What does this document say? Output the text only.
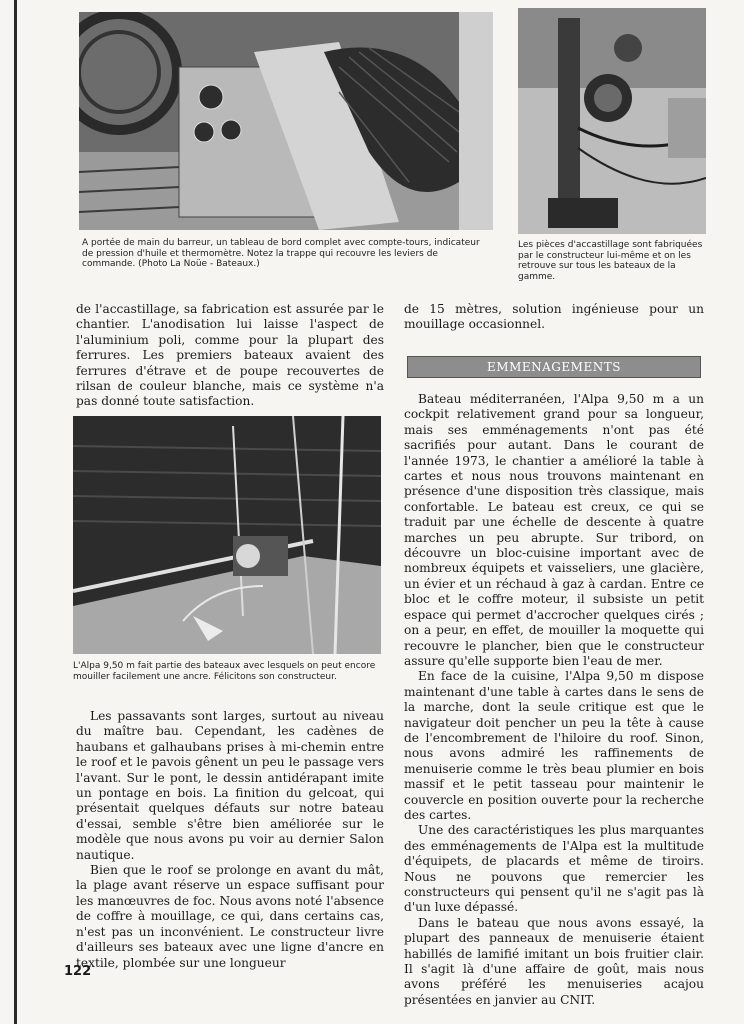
A portée de main du barreur, un tableau de bord complet avec compte-tours, indicateur de pression d'huile et thermomètre. Notez la trappe qui recouvre les leviers de commande. (Photo La Noüe - Bateaux.)

Les pièces d'accastillage sont fabriquées par le constructeur lui-même et on les retrouve sur tous les bateaux de la gamme.

de l'accastillage, sa fabrication est assurée par le chantier. L'anodisation lui laisse l'aspect de l'aluminium poli, comme pour la plupart des ferrures. Les premiers bateaux avaient des ferrures d'étrave et de poupe recouvertes de rilsan de couleur blanche, mais ce système n'a pas donné toute satisfaction.

L'Alpa 9,50 m fait partie des bateaux avec lesquels on peut encore mouiller facilement une ancre. Félicitons son constructeur.

Les passavants sont larges, surtout au niveau du maître bau. Cependant, les cadènes de haubans et galhaubans prises à mi-chemin entre le roof et le pavois gênent un peu le passage vers l'avant. Sur le pont, le dessin antidérapant imite un pontage en bois. La finition du gelcoat, qui présentait quelques défauts sur notre bateau d'essai, semble s'être bien améliorée sur le modèle que nous avons pu voir au dernier Salon nautique.

Bien que le roof se prolonge en avant du mât, la plage avant réserve un espace suffisant pour les manœuvres de foc. Nous avons noté l'absence de coffre à mouillage, ce qui, dans certains cas, n'est pas un inconvénient. Le constructeur livre d'ailleurs ses bateaux avec une ligne d'ancre en textile, plombée sur une longueur

de 15 mètres, solution ingénieuse pour un mouillage occasionnel.

EMMENAGEMENTS

Bateau méditerranéen, l'Alpa 9,50 m a un cockpit relativement grand pour sa longueur, mais ses emménagements n'ont pas été sacrifiés pour autant. Dans le courant de l'année 1973, le chantier a amélioré la table à cartes et nous nous trouvons maintenant en présence d'une disposition très classique, mais confortable. Le bateau est creux, ce qui se traduit par une échelle de descente à quatre marches un peu abrupte. Sur tribord, on découvre un bloc-cuisine important avec de nombreux équipets et vaisseliers, une glacière, un évier et un réchaud à gaz à cardan. Entre ce bloc et le coffre moteur, il subsiste un petit espace qui permet d'accrocher quelques cirés ; on a peur, en effet, de mouiller la moquette qui recouvre le plancher, bien que le constructeur assure qu'elle supporte bien l'eau de mer.

En face de la cuisine, l'Alpa 9,50 m dispose maintenant d'une table à cartes dans le sens de la marche, dont la seule critique est que le navigateur doit pencher un peu la tête à cause de l'encombrement de l'hiloire du roof. Sinon, nous avons admiré les raffinements de menuiserie comme le très beau plumier en bois massif et le petit tasseau pour maintenir le couvercle en position ouverte pour la recherche des cartes.

Une des caractéristiques les plus marquantes des emménagements de l'Alpa est la multitude d'équipets, de placards et même de tiroirs. Nous ne pouvons que remercier les constructeurs qui pensent qu'il ne s'agit pas là d'un luxe dépassé.

Dans le bateau que nous avons essayé, la plupart des panneaux de menuiserie étaient habillés de lamifié imitant un bois fruitier clair. Il s'agit là d'une affaire de goût, mais nous avons préféré les menuiseries acajou présentées en janvier au CNIT.

122
